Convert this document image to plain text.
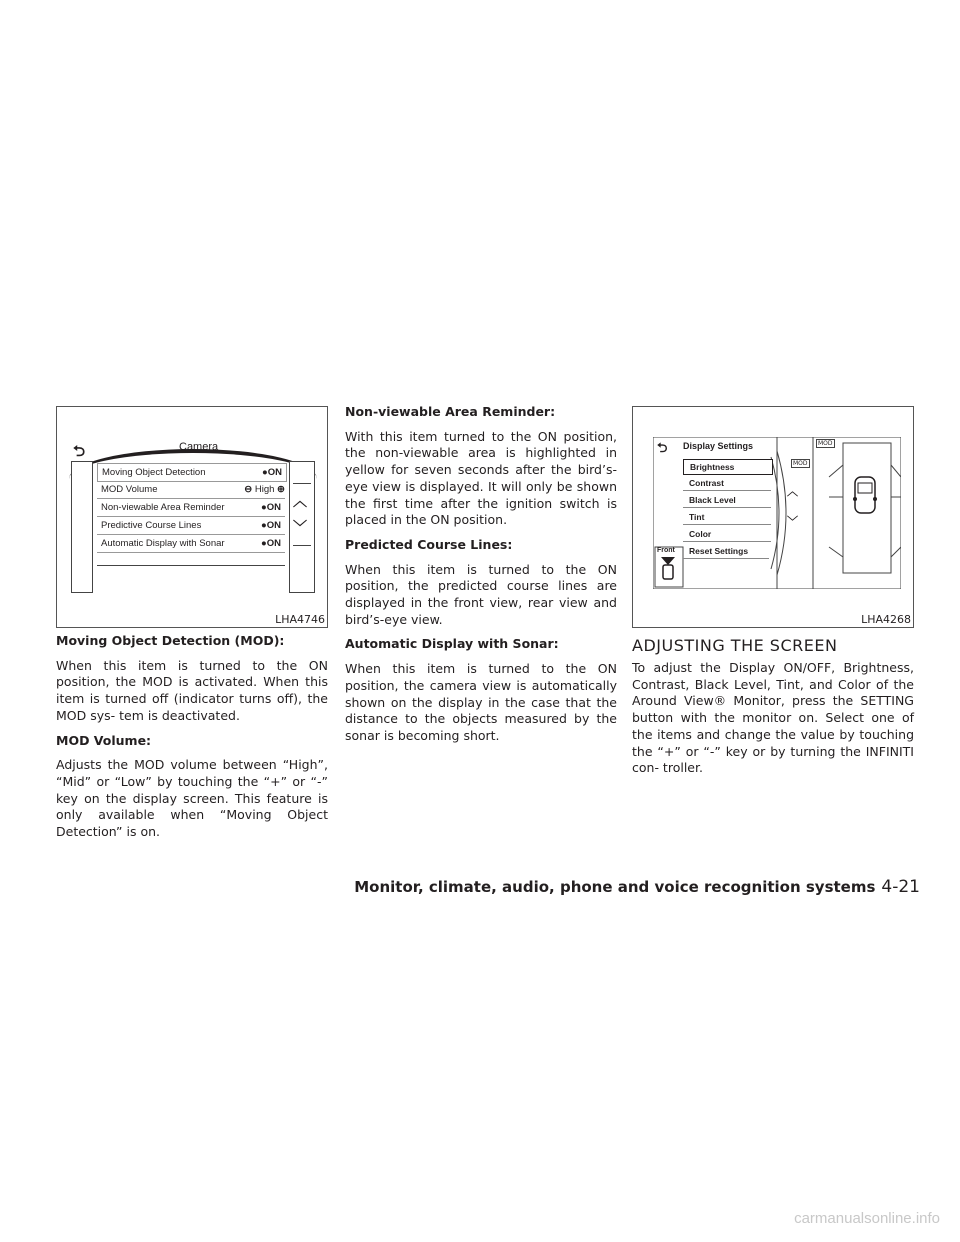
⮌	Camera
Moving Object Detection	●ON
MOD Volume	⊖ High ⊕
Non-viewable Area Reminder	●ON
Predictive Course Lines	●ON
Automatic Display with Sonar	●ON
︿
﹀
LHA4746
⮌ Display Settings	MOD
MOD
︿
﹀
Brightness
Contrast
Black Level
Tint
Color
Reset Settings
Front
LHA4268
Moving Object Detection (MOD):

When this item is turned to the ON position, the MOD is activated. When this item is turned off (indicator turns off), the MOD sys- tem is deactivated.

MOD Volume:

Adjusts the MOD volume between “High”, “Mid” or “Low” by touching the “+” or “-” key on the display screen. This feature is only available when “Moving Object Detection” is on.

Non-viewable Area Reminder:

With this item turned to the ON position, the non-viewable area is highlighted in yellow for seven seconds after the bird’s-eye view is displayed. It will only be shown the first time after the ignition switch is placed in the ON position.

Predicted Course Lines:

When this item is turned to the ON position, the predicted course lines are displayed in the front view, rear view and bird’s-eye view.

Automatic Display with Sonar:

When this item is turned to the ON position, the camera view is automatically shown on the display in the case that the distance to the objects measured by the sonar is becoming short.

ADJUSTING THE SCREEN

To adjust the Display ON/OFF, Brightness, Contrast, Black Level, Tint, and Color of the Around View® Monitor, press the SETTING button with the monitor on. Select one of the items and change the value by touching the “+” or “-” key or by turning the INFINITI con- troller.

Monitor, climate, audio, phone and voice recognition systems 4-21
carmanualsonline.info
